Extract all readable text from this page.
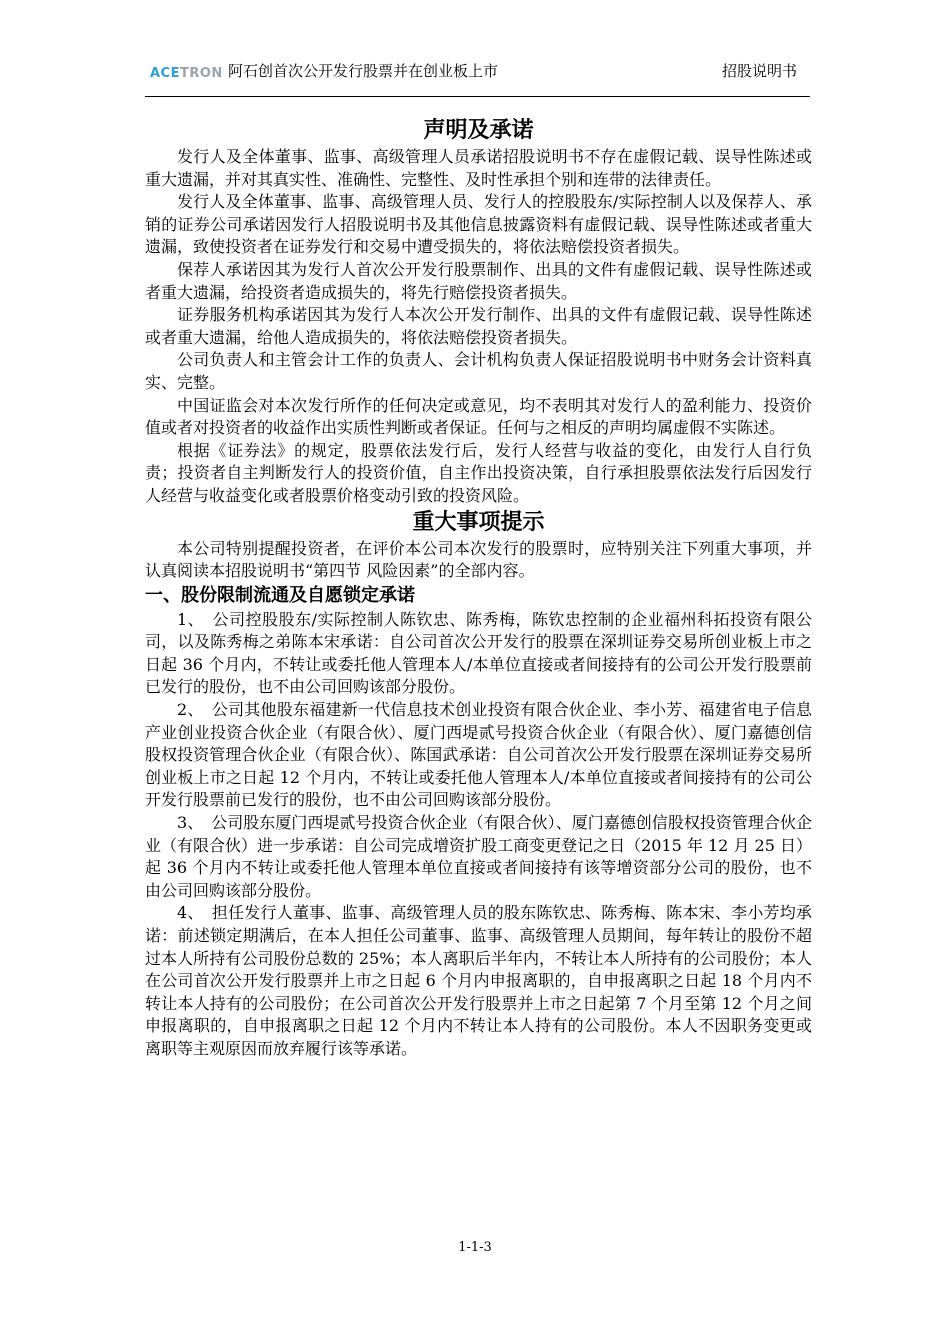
ACETRON 阿石创首次公开发行股票并在创业板上市	招股说明书
声明及承诺

发行人及全体董事、监事、高级管理人员承诺招股说明书不存在虚假记载、误导性陈述或重大遗漏，并对其真实性、准确性、完整性、及时性承担个别和连带的法律责任。

发行人及全体董事、监事、高级管理人员、发行人的控股股东/实际控制人以及保荐人、承销的证券公司承诺因发行人招股说明书及其他信息披露资料有虚假记载、误导性陈述或者重大遗漏，致使投资者在证券发行和交易中遭受损失的，将依法赔偿投资者损失。

保荐人承诺因其为发行人首次公开发行股票制作、出具的文件有虚假记载、误导性陈述或者重大遗漏，给投资者造成损失的，将先行赔偿投资者损失。

证券服务机构承诺因其为发行人本次公开发行制作、出具的文件有虚假记载、误导性陈述或者重大遗漏，给他人造成损失的，将依法赔偿投资者损失。

公司负责人和主管会计工作的负责人、会计机构负责人保证招股说明书中财务会计资料真实、完整。

中国证监会对本次发行所作的任何决定或意见，均不表明其对发行人的盈利能力、投资价值或者对投资者的收益作出实质性判断或者保证。任何与之相反的声明均属虚假不实陈述。

根据《证券法》的规定，股票依法发行后，发行人经营与收益的变化，由发行人自行负责；投资者自主判断发行人的投资价值，自主作出投资决策，自行承担股票依法发行后因发行人经营与收益变化或者股票价格变动引致的投资风险。

重大事项提示

本公司特别提醒投资者，在评价本公司本次发行的股票时，应特别关注下列重大事项，并认真阅读本招股说明书“第四节 风险因素”的全部内容。

一、股份限制流通及自愿锁定承诺

1、　公司控股股东/实际控制人陈钦忠、陈秀梅，陈钦忠控制的企业福州科拓投资有限公司，以及陈秀梅之弟陈本宋承诺：自公司首次公开发行的股票在深圳证券交易所创业板上市之日起 36 个月内，不转让或委托他人管理本人/本单位直接或者间接持有的公司公开发行股票前已发行的股份，也不由公司回购该部分股份。

2、　公司其他股东福建新一代信息技术创业投资有限合伙企业、李小芳、福建省电子信息产业创业投资合伙企业（有限合伙）、厦门西堤贰号投资合伙企业（有限合伙）、厦门嘉德创信股权投资管理合伙企业（有限合伙）、陈国武承诺：自公司首次公开发行股票在深圳证券交易所创业板上市之日起 12 个月内，不转让或委托他人管理本人/本单位直接或者间接持有的公司公开发行股票前已发行的股份，也不由公司回购该部分股份。

3、　公司股东厦门西堤贰号投资合伙企业（有限合伙）、厦门嘉德创信股权投资管理合伙企业（有限合伙）进一步承诺：自公司完成增资扩股工商变更登记之日（2015 年 12 月 25 日）起 36 个月内不转让或委托他人管理本单位直接或者间接持有该等增资部分公司的股份，也不由公司回购该部分股份。

4、　担任发行人董事、监事、高级管理人员的股东陈钦忠、陈秀梅、陈本宋、李小芳均承诺：前述锁定期满后，在本人担任公司董事、监事、高级管理人员期间，每年转让的股份不超过本人所持有公司股份总数的 25%；本人离职后半年内，不转让本人所持有的公司股份；本人在公司首次公开发行股票并上市之日起 6 个月内申报离职的，自申报离职之日起 18 个月内不转让本人持有的公司股份；在公司首次公开发行股票并上市之日起第 7 个月至第 12 个月之间申报离职的，自申报离职之日起 12 个月内不转让本人持有的公司股份。本人不因职务变更或离职等主观原因而放弃履行该等承诺。

1-1-3
